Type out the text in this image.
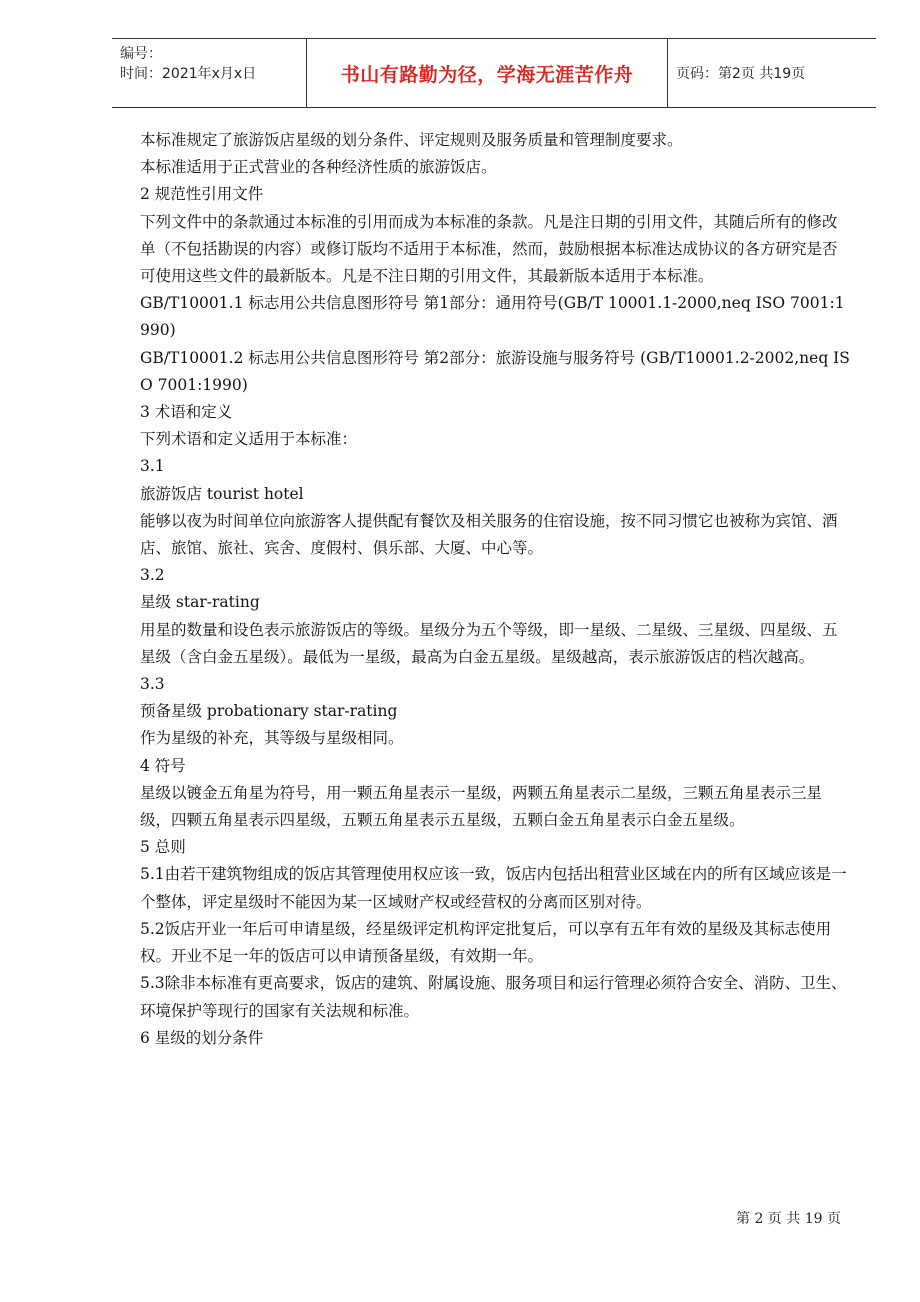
编号：
时间：2021年x月x日	书山有路勤为径，学海无涯苦作舟	页码：第2页 共19页

本标准规定了旅游饭店星级的划分条件、评定规则及服务质量和管理制度要求。

本标准适用于正式营业的各种经济性质的旅游饭店。

2 规范性引用文件

下列文件中的条款通过本标准的引用而成为本标准的条款。凡是注日期的引用文件，其随后所有的修改单（不包括勘误的内容）或修订版均不适用于本标准，然而，鼓励根据本标准达成协议的各方研究是否可使用这些文件的最新版本。凡是不注日期的引用文件，其最新版本适用于本标准。

GB/T10001.1 标志用公共信息图形符号 第1部分：通用符号(GB/T 10001.1-2000,neq ISO 7001:1990)

GB/T10001.2 标志用公共信息图形符号 第2部分：旅游设施与服务符号 (GB/T10001.2-2002,neq ISO 7001:1990)

3 术语和定义

下列术语和定义适用于本标准：

3.1

旅游饭店 tourist hotel

能够以夜为时间单位向旅游客人提供配有餐饮及相关服务的住宿设施，按不同习惯它也被称为宾馆、酒店、旅馆、旅社、宾舍、度假村、俱乐部、大厦、中心等。

3.2

星级 star-rating

用星的数量和设色表示旅游饭店的等级。星级分为五个等级，即一星级、二星级、三星级、四星级、五星级（含白金五星级）。最低为一星级，最高为白金五星级。星级越高，表示旅游饭店的档次越高。

3.3

预备星级 probationary star-rating

作为星级的补充，其等级与星级相同。

4 符号

星级以镀金五角星为符号，用一颗五角星表示一星级，两颗五角星表示二星级，三颗五角星表示三星级，四颗五角星表示四星级，五颗五角星表示五星级，五颗白金五角星表示白金五星级。

5 总则

5.1由若干建筑物组成的饭店其管理使用权应该一致，饭店内包括出租营业区域在内的所有区域应该是一个整体，评定星级时不能因为某一区域财产权或经营权的分离而区别对待。

5.2饭店开业一年后可申请星级，经星级评定机构评定批复后，可以享有五年有效的星级及其标志使用权。开业不足一年的饭店可以申请预备星级，有效期一年。

5.3除非本标准有更高要求，饭店的建筑、附属设施、服务项目和运行管理必须符合安全、消防、卫生、环境保护等现行的国家有关法规和标准。

6 星级的划分条件

第 2 页 共 19 页
